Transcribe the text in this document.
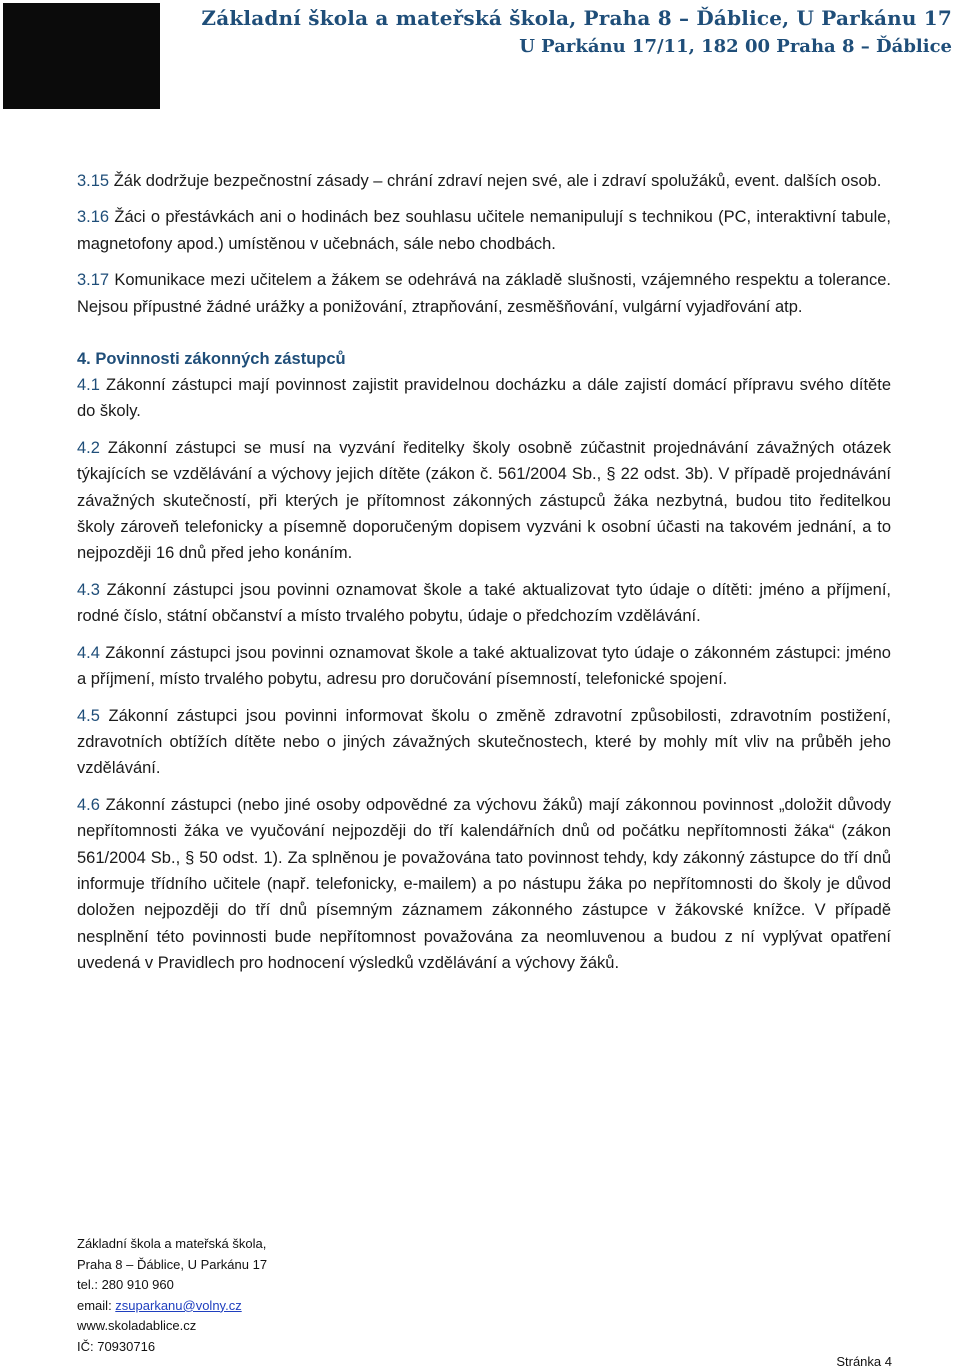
Základní škola a mateřská škola, Praha 8 – Ďáblice, U Parkánu 17
U Parkánu 17/11, 182 00 Praha 8 – Ďáblice

3.15 Žák dodržuje bezpečnostní zásady – chrání zdraví nejen své, ale i zdraví spolužáků, event. dalších osob.

3.16 Žáci o přestávkách ani o hodinách bez souhlasu učitele nemanipulují s technikou (PC, interaktivní tabule, magnetofony apod.) umístěnou v učebnách, sále nebo chodbách.

3.17 Komunikace mezi učitelem a žákem se odehrává na základě slušnosti, vzájemného respektu a tolerance. Nejsou přípustné žádné urážky a ponižování, ztrapňování, zesměšňování, vulgární vyjadřování atp.

4. Povinnosti zákonných zástupců

4.1 Zákonní zástupci mají povinnost zajistit pravidelnou docházku a dále zajistí domácí přípravu svého dítěte do školy.

4.2 Zákonní zástupci se musí na vyzvání ředitelky školy osobně zúčastnit projednávání závažných otázek týkajících se vzdělávání a výchovy jejich dítěte (zákon č. 561/2004 Sb., § 22 odst. 3b). V případě projednávání závažných skutečností, při kterých je přítomnost zákonných zástupců žáka nezbytná, budou tito ředitelkou školy zároveň telefonicky a písemně doporučeným dopisem vyzváni k osobní účasti na takovém jednání, a to nejpozději 16 dnů před jeho konáním.

4.3 Zákonní zástupci jsou povinni oznamovat škole a také aktualizovat tyto údaje o dítěti: jméno a příjmení, rodné číslo, státní občanství a místo trvalého pobytu, údaje o předchozím vzdělávání.

4.4 Zákonní zástupci jsou povinni oznamovat škole a také aktualizovat tyto údaje o zákonném zástupci: jméno a příjmení, místo trvalého pobytu, adresu pro doručování písemností, telefonické spojení.

4.5 Zákonní zástupci jsou povinni informovat školu o změně zdravotní způsobilosti, zdravotním postižení, zdravotních obtížích dítěte nebo o jiných závažných skutečnostech, které by mohly mít vliv na průběh jeho vzdělávání.

4.6 Zákonní zástupci (nebo jiné osoby odpovědné za výchovu žáků) mají zákonnou povinnost „doložit důvody nepřítomnosti žáka ve vyučování nejpozději do tří kalendářních dnů od počátku nepřítomnosti žáka“ (zákon 561/2004 Sb., § 50 odst. 1). Za splněnou je považována tato povinnost tehdy, kdy zákonný zástupce do tří dnů informuje třídního učitele (např. telefonicky, e-mailem) a po nástupu žáka po nepřítomnosti do školy je důvod doložen nejpozději do tří dnů písemným záznamem zákonného zástupce v žákovské knížce. V případě nesplnění této povinnosti bude nepřítomnost považována za neomluvenou a budou z ní vyplývat opatření uvedená v Pravidlech pro hodnocení výsledků vzdělávání a výchovy žáků.

Základní škola a mateřská škola,
Praha 8 – Ďáblice, U Parkánu 17
tel.: 280 910 960
email: zsuparkanu@volny.cz
www.skoladablice.cz
IČ: 70930716
Stránka 4
